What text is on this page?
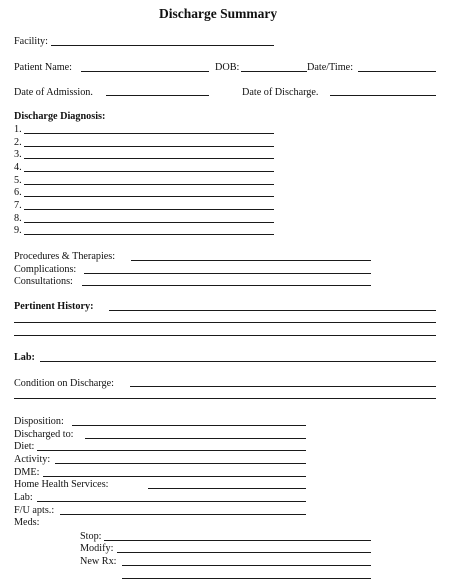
Discharge Summary
Facility:
Patient Name:	DOB:	Date/Time:
Date of Admission.	Date of Discharge.
Discharge Diagnosis:
1.
2.
3.
4.
5.
6.
7.
8.
9.
Procedures & Therapies:
Complications:
Consultations:
Pertinent History:
Lab:
Condition on Discharge:
Disposition:
Discharged to:
Diet:
Activity:
DME:
Home Health Services:
Lab:
F/U apts.:
Meds:
Stop:
Modify:
New Rx:
